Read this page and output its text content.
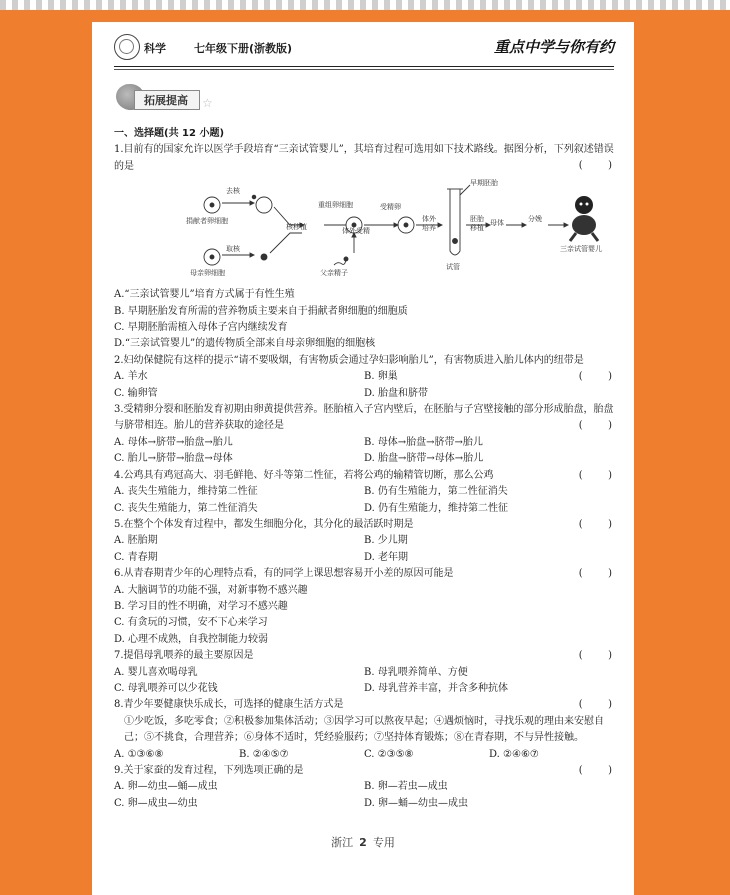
科学	七年级下册(浙教版)	重点中学与你有约
拓展提高 ☆
一、选择题(共 12 小题)
(        )
1.目前有的国家允许以医学手段培育“三亲试管婴儿”，其培育过程可选用如下技术路线。据图分析，下列叙述错误的是
去核
捐献者卵细胞
取核
母亲卵细胞
核移植
重组卵细胞
体外受精
父亲精子
受精卵
体外培养
试管
早期胚胎
胚胎移植
母体	分娩
三亲试管婴儿
A.“三亲试管婴儿”培育方式属于有性生殖
B. 早期胚胎发育所需的营养物质主要来自于捐献者卵细胞的细胞质
C. 早期胚胎需植入母体子宫内继续发育
D.“三亲试管婴儿”的遗传物质全部来自母亲卵细胞的细胞核
(        )
2.妇幼保健院有这样的提示“请不要吸烟，有害物质会通过孕妇影响胎儿”，有害物质进入胎儿体内的纽带是
A. 羊水	B. 卵巢
C. 输卵管	D. 胎盘和脐带
(        )
3.受精卵分裂和胚胎发育初期由卵黄提供营养。胚胎植入子宫内壁后，在胚胎与子宫壁接触的部分形成胎盘，胎盘与脐带相连。胎儿的营养获取的途径是
A. 母体→脐带→胎盘→胎儿	B. 母体→胎盘→脐带→胎儿
C. 胎儿→脐带→胎盘→母体	D. 胎盘→脐带→母体→胎儿
(        )
4.公鸡具有鸡冠高大、羽毛鲜艳、好斗等第二性征，若将公鸡的输精管切断，那么公鸡
A. 丧失生殖能力，维持第二性征	B. 仍有生殖能力，第二性征消失
C. 丧失生殖能力，第二性征消失	D. 仍有生殖能力，维持第二性征
(        )
5.在整个个体发育过程中，都发生细胞分化，其分化的最活跃时期是
A. 胚胎期	B. 少儿期
C. 青春期	D. 老年期
(        )
6.从青春期青少年的心理特点看，有的同学上课思想容易开小差的原因可能是
A. 大脑调节的功能不强，对新事物不感兴趣
B. 学习目的性不明确，对学习不感兴趣
C. 有贪玩的习惯，安不下心来学习
D. 心理不成熟，自我控制能力较弱
(        )
7.提倡母乳喂养的最主要原因是
A. 婴儿喜欢喝母乳	B. 母乳喂养简单、方便
C. 母乳喂养可以少花钱	D. 母乳营养丰富，并含多种抗体
(        )
8.青少年要健康快乐成长，可选择的健康生活方式是
①少吃饭，多吃零食；②积极参加集体活动；③因学习可以熬夜早起；④遇烦恼时，寻找乐观的理由来安慰自己；⑤不挑食，合理营养；⑥身体不适时，凭经验服药；⑦坚持体育锻炼；⑧在青春期，不与异性接触。
A. ①③⑥⑧	B. ②④⑤⑦	C. ②③⑤⑧	D. ②④⑥⑦
(        )
9.关于家蚕的发育过程，下列选项正确的是
A. 卵—幼虫—蛹—成虫	B. 卵—若虫—成虫
C. 卵—成虫—幼虫	D. 卵—蛹—幼虫—成虫
浙江 2 专用
